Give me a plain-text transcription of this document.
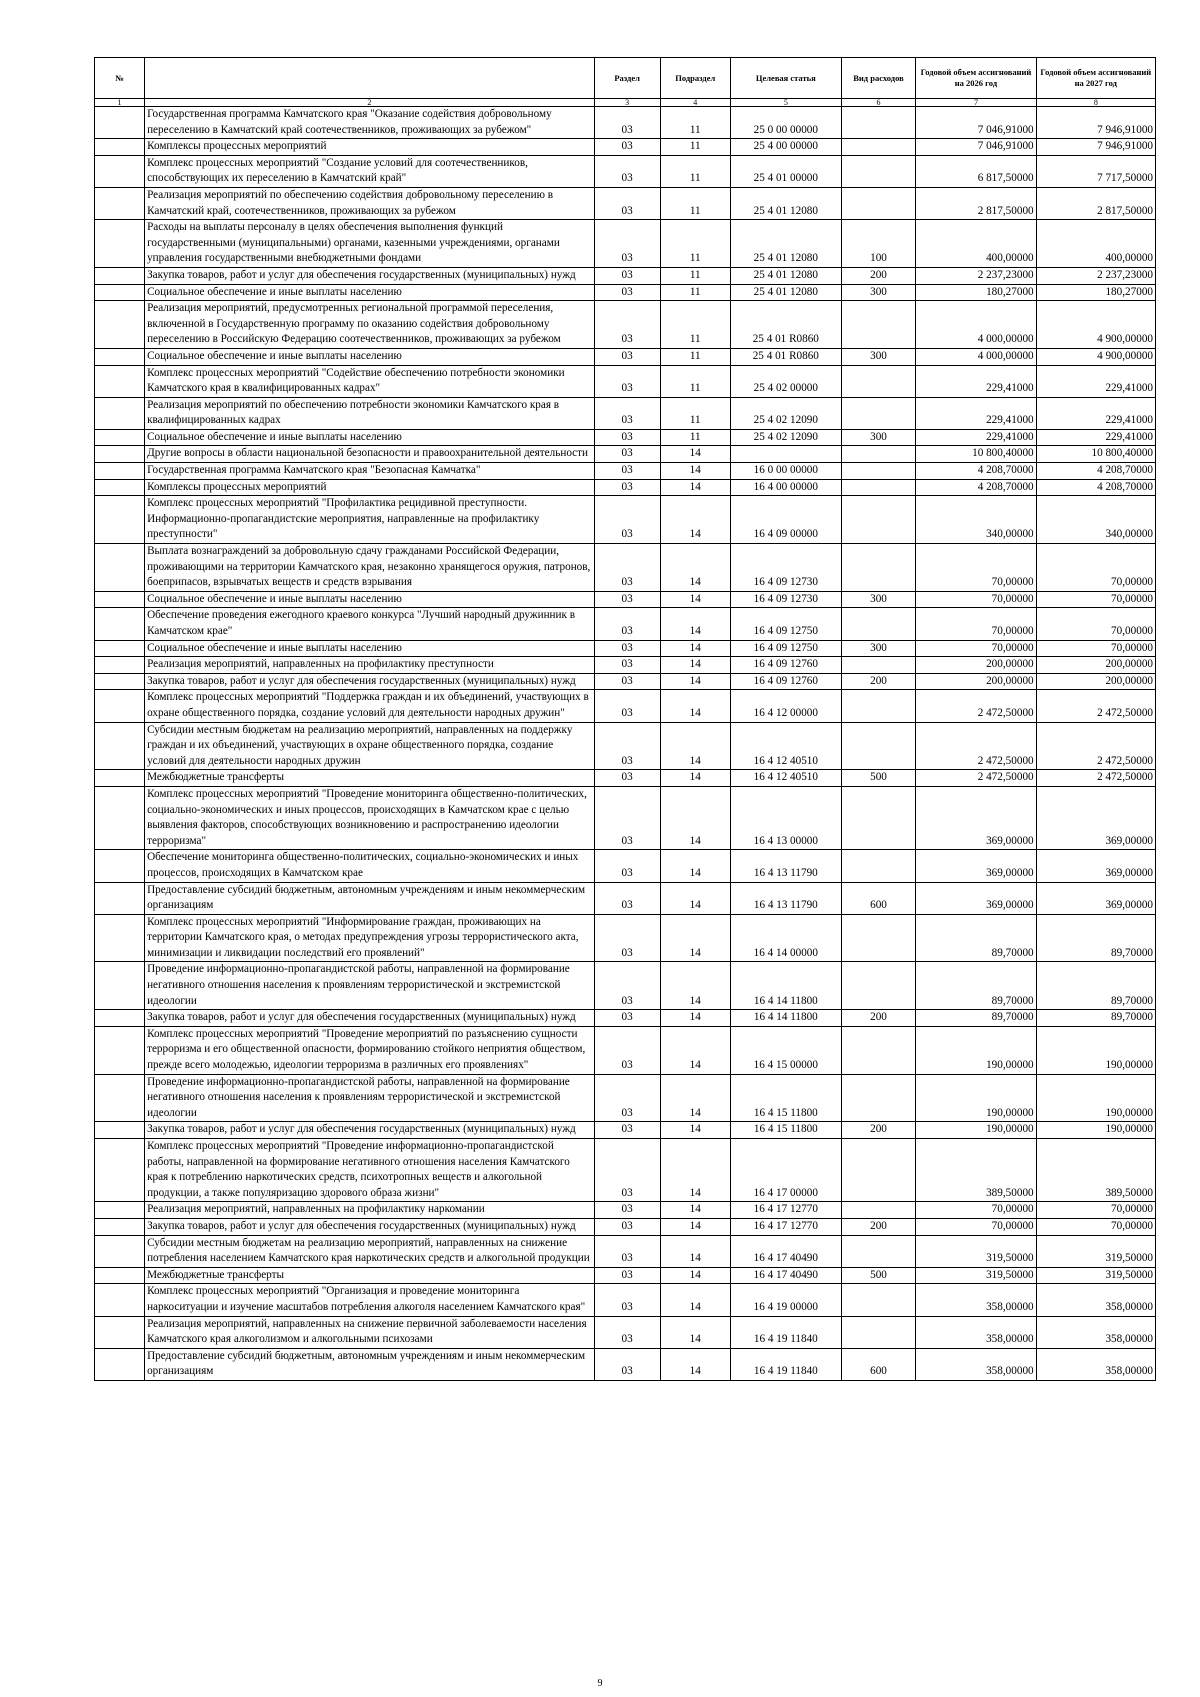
№		Раздел	Подраздел	Целевая статья	Вид расходов	Годовой объем ассигнований на 2026 год	Годовой объем ассигнований на 2027 год
1	2	3	4	5	6	7	8
	Государственная программа Камчатского края "Оказание содействия добровольному переселению в Камчатский край соотечественников, проживающих за рубежом"	03	11	25 0 00 00000		7 046,91000	7 946,91000
	Комплексы процессных мероприятий	03	11	25 4 00 00000		7 046,91000	7 946,91000
	Комплекс процессных мероприятий "Создание условий для соотечественников, способствующих их переселению в Камчатский край"	03	11	25 4 01 00000		6 817,50000	7 717,50000
	Реализация мероприятий по обеспечению содействия добровольному переселению в Камчатский край, соотечественников, проживающих за рубежом	03	11	25 4 01 12080		2 817,50000	2 817,50000
	Расходы на выплаты персоналу в целях обеспечения выполнения функций государственными (муниципальными) органами, казенными учреждениями, органами управления государственными внебюджетными фондами	03	11	25 4 01 12080	100	400,00000	400,00000
	Закупка товаров, работ и услуг для обеспечения государственных (муниципальных) нужд	03	11	25 4 01 12080	200	2 237,23000	2 237,23000
	Социальное обеспечение и иные выплаты населению	03	11	25 4 01 12080	300	180,27000	180,27000
	Реализация мероприятий, предусмотренных региональной программой переселения, включенной в Государственную программу по оказанию содействия добровольному переселению в Российскую Федерацию соотечественников, проживающих за рубежом	03	11	25 4 01 R0860		4 000,00000	4 900,00000
	Социальное обеспечение и иные выплаты населению	03	11	25 4 01 R0860	300	4 000,00000	4 900,00000
	Комплекс процессных мероприятий "Содействие обеспечению потребности экономики Камчатского края в квалифицированных кадрах"	03	11	25 4 02 00000		229,41000	229,41000
	Реализация мероприятий по обеспечению потребности экономики Камчатского края в квалифицированных кадрах	03	11	25 4 02 12090		229,41000	229,41000
	Социальное обеспечение и иные выплаты населению	03	11	25 4 02 12090	300	229,41000	229,41000
	Другие вопросы в области национальной безопасности и правоохранительной деятельности	03	14			10 800,40000	10 800,40000
	Государственная программа Камчатского края "Безопасная Камчатка"	03	14	16 0 00 00000		4 208,70000	4 208,70000
	Комплексы процессных мероприятий	03	14	16 4 00 00000		4 208,70000	4 208,70000
	Комплекс процессных мероприятий "Профилактика рецидивной преступности. Информационно-пропагандистские мероприятия, направленные на профилактику преступности"	03	14	16 4 09 00000		340,00000	340,00000
	Выплата вознаграждений за добровольную сдачу гражданами Российской Федерации, проживающими на территории Камчатского края, незаконно хранящегося оружия, патронов, боеприпасов, взрывчатых веществ и средств взрывания	03	14	16 4 09 12730		70,00000	70,00000
	Социальное обеспечение и иные выплаты населению	03	14	16 4 09 12730	300	70,00000	70,00000
	Обеспечение проведения ежегодного краевого конкурса "Лучший народный дружинник в Камчатском крае"	03	14	16 4 09 12750		70,00000	70,00000
	Социальное обеспечение и иные выплаты населению	03	14	16 4 09 12750	300	70,00000	70,00000
	Реализация мероприятий, направленных на профилактику преступности	03	14	16 4 09 12760		200,00000	200,00000
	Закупка товаров, работ и услуг для обеспечения государственных (муниципальных) нужд	03	14	16 4 09 12760	200	200,00000	200,00000
	Комплекс процессных мероприятий "Поддержка граждан и их объединений, участвующих в охране общественного порядка, создание условий для деятельности народных дружин"	03	14	16 4 12 00000		2 472,50000	2 472,50000
	Субсидии местным бюджетам на реализацию мероприятий, направленных на поддержку граждан и их объединений, участвующих в охране общественного порядка, создание условий для деятельности народных дружин	03	14	16 4 12 40510		2 472,50000	2 472,50000
	Межбюджетные трансферты	03	14	16 4 12 40510	500	2 472,50000	2 472,50000
	Комплекс процессных мероприятий "Проведение мониторинга общественно-политических, социально-экономических и иных процессов, происходящих в Камчатском крае с целью выявления факторов, способствующих возникновению и распространению идеологии терроризма"	03	14	16 4 13 00000		369,00000	369,00000
	Обеспечение мониторинга общественно-политических, социально-экономических и иных процессов, происходящих в Камчатском крае	03	14	16 4 13 11790		369,00000	369,00000
	Предоставление субсидий бюджетным, автономным учреждениям и иным некоммерческим организациям	03	14	16 4 13 11790	600	369,00000	369,00000
	Комплекс процессных мероприятий "Информирование граждан, проживающих на территории Камчатского края, о методах предупреждения угрозы террористического акта, минимизации и ликвидации последствий его проявлений"	03	14	16 4 14 00000		89,70000	89,70000
	Проведение информационно-пропагандистской работы, направленной на формирование негативного отношения населения к проявлениям террористической и экстремистской идеологии	03	14	16 4 14 11800		89,70000	89,70000
	Закупка товаров, работ и услуг для обеспечения государственных (муниципальных) нужд	03	14	16 4 14 11800	200	89,70000	89,70000
	Комплекс процессных мероприятий "Проведение мероприятий по разъяснению сущности терроризма и его общественной опасности, формированию стойкого неприятия обществом, прежде всего молодежью, идеологии терроризма в различных его проявлениях"	03	14	16 4 15 00000		190,00000	190,00000
	Проведение информационно-пропагандистской работы, направленной на формирование негативного отношения населения к проявлениям террористической и экстремистской идеологии	03	14	16 4 15 11800		190,00000	190,00000
	Закупка товаров, работ и услуг для обеспечения государственных (муниципальных) нужд	03	14	16 4 15 11800	200	190,00000	190,00000
	Комплекс процессных мероприятий "Проведение информационно-пропагандистской работы, направленной на формирование негативного отношения населения Камчатского края к потреблению наркотических средств, психотропных веществ и алкогольной продукции, а также популяризацию здорового образа жизни"	03	14	16 4 17 00000		389,50000	389,50000
	Реализация мероприятий, направленных на профилактику наркомании	03	14	16 4 17 12770		70,00000	70,00000
	Закупка товаров, работ и услуг для обеспечения государственных (муниципальных) нужд	03	14	16 4 17 12770	200	70,00000	70,00000
	Субсидии местным бюджетам на реализацию мероприятий, направленных на снижение потребления населением Камчатского края наркотических средств и алкогольной продукции	03	14	16 4 17 40490		319,50000	319,50000
	Межбюджетные трансферты	03	14	16 4 17 40490	500	319,50000	319,50000
	Комплекс процессных мероприятий "Организация и проведение мониторинга наркоситуации и изучение масштабов потребления алкоголя населением Камчатского края"	03	14	16 4 19 00000		358,00000	358,00000
	Реализация мероприятий, направленных на снижение первичной заболеваемости населения Камчатского края алкоголизмом и алкогольными психозами	03	14	16 4 19 11840		358,00000	358,00000
	Предоставление субсидий бюджетным, автономным учреждениям и иным некоммерческим организациям	03	14	16 4 19 11840	600	358,00000	358,00000
9
